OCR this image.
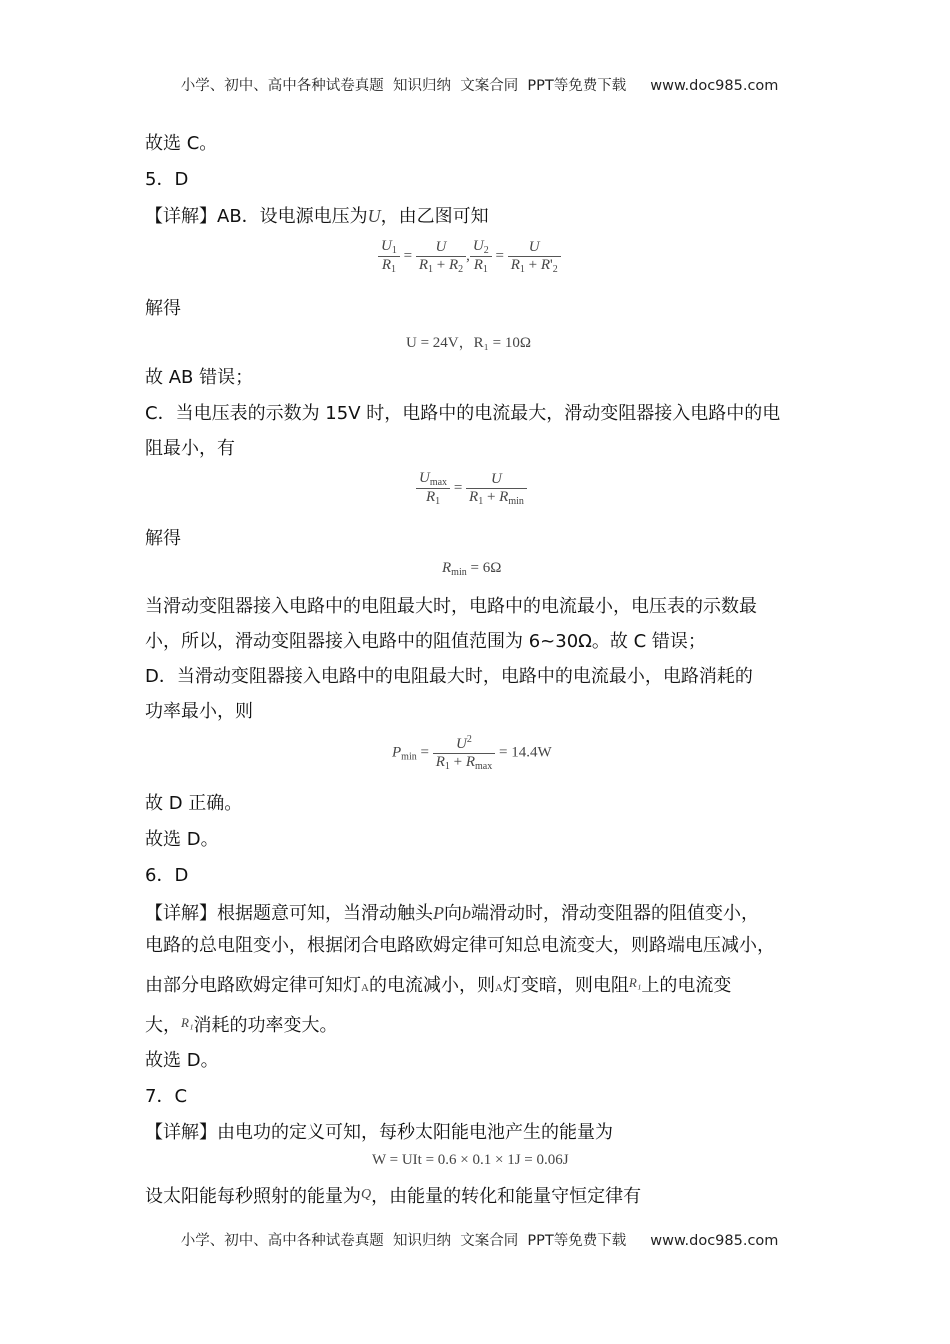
小学、初中、高中各种试卷真题  知识归纳  文案合同  PPT等免费下载 www.doc985.com

故选 C。
5．D
【详解】AB．设电源电压为U，由乙图可知
$\frac{U_1}{R_1} = \frac{U}{R_1 + R_2}$ , $\frac{U_2}{R_1} = \frac{U}{R_1 + R'_2}$
解得
U = 24V，R₁ = 10Ω
故 AB 错误；
C．当电压表的示数为 15V 时，电路中的电流最大，滑动变阻器接入电路中的电
阻最小，有
$\frac{U_{max}}{R_1} = \frac{U}{R_1 + R_{min}}$
解得
$R_{min} = 6\Omega$
当滑动变阻器接入电路中的电阻最大时，电路中的电流最小，电压表的示数最
小，所以，滑动变阻器接入电路中的阻值范围为 6~30Ω。故 C 错误；
D．当滑动变阻器接入电路中的电阻最大时，电路中的电流最小，电路消耗的
功率最小，则
$P_{min} = \frac{U^2}{R_1 + R_{max}} = 14.4W$
故 D 正确。
故选 D。
6．D
【详解】根据题意可知，当滑动触头P向b端滑动时，滑动变阻器的阻值变小，
电路的总电阻变小，根据闭合电路欧姆定律可知总电流变大，则路端电压减小，
由部分电路欧姆定律可知灯A的电流减小，则A灯变暗，则电阻$^{R_1}$上的电流变
大，$^{R_1}$消耗的功率变大。
故选 D。
7．C
【详解】由电功的定义可知，每秒太阳能电池产生的能量为
W = UIt = 0.6 × 0.1 × 1J = 0.06J
设太阳能每秒照射的能量为$^Q$，由能量的转化和能量守恒定律有

小学、初中、高中各种试卷真题  知识归纳  文案合同  PPT等免费下载 www.doc985.com
